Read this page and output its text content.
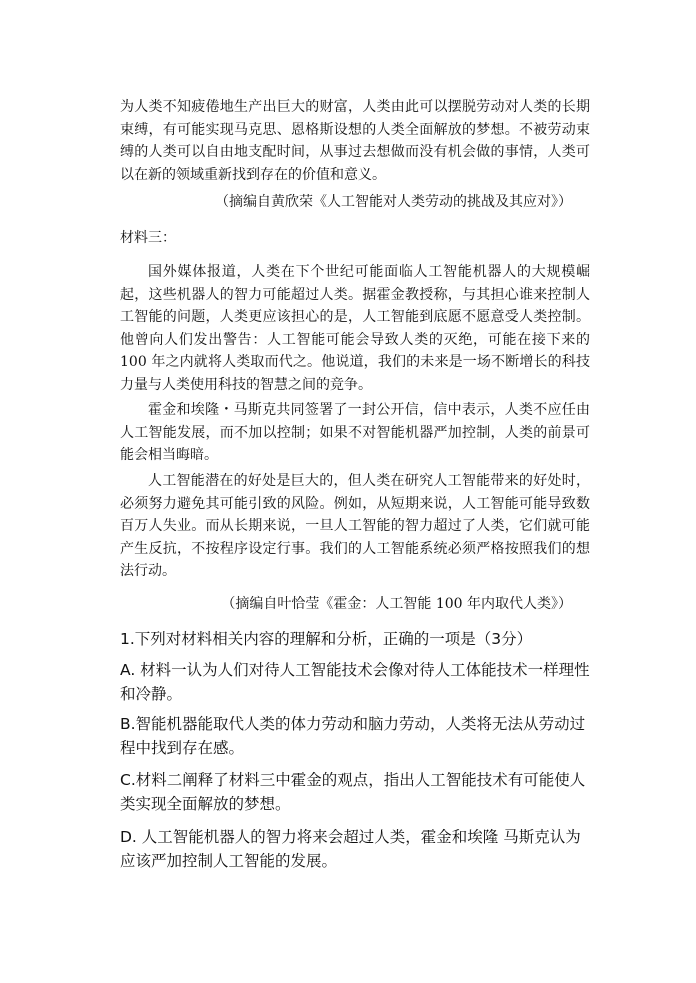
为人类不知疲倦地生产出巨大的财富，人类由此可以摆脱劳动对人类的长期束缚，有可能实现马克思、恩格斯设想的人类全面解放的梦想。不被劳动束缚的人类可以自由地支配时间，从事过去想做而没有机会做的事情，人类可以在新的领域重新找到存在的价值和意义。

（摘编自黄欣荣《人工智能对人类劳动的挑战及其应对》）

材料三：

国外媒体报道，人类在下个世纪可能面临人工智能机器人的大规模崛起，这些机器人的智力可能超过人类。据霍金教授称，与其担心谁来控制人工智能的问题，人类更应该担心的是，人工智能到底愿不愿意受人类控制。他曾向人们发出警告：人工智能可能会导致人类的灭绝，可能在接下来的 100 年之内就将人类取而代之。他说道，我们的未来是一场不断增长的科技力量与人类使用科技的智慧之间的竞争。

霍金和埃隆・马斯克共同签署了一封公开信，信中表示，人类不应任由人工智能发展，而不加以控制；如果不对智能机器严加控制，人类的前景可能会相当晦暗。

人工智能潜在的好处是巨大的，但人类在研究人工智能带来的好处时，必须努力避免其可能引致的风险。例如，从短期来说，人工智能可能导致数百万人失业。而从长期来说，一旦人工智能的智力超过了人类，它们就可能产生反抗，不按程序设定行事。我们的人工智能系统必须严格按照我们的想法行动。

（摘编自叶恰莹《霍金：人工智能 100 年内取代人类》）

1.下列对材料相关内容的理解和分析，正确的一项是（3分）

A. 材料一认为人们对待人工智能技术会像对待人工体能技术一样理性和冷静。

B.智能机器能取代人类的体力劳动和脑力劳动，人类将无法从劳动过程中找到存在感。

C.材料二阐释了材料三中霍金的观点，指出人工智能技术有可能使人类实现全面解放的梦想。

D. 人工智能机器人的智力将来会超过人类，霍金和埃隆 马斯克认为应该严加控制人工智能的发展。
